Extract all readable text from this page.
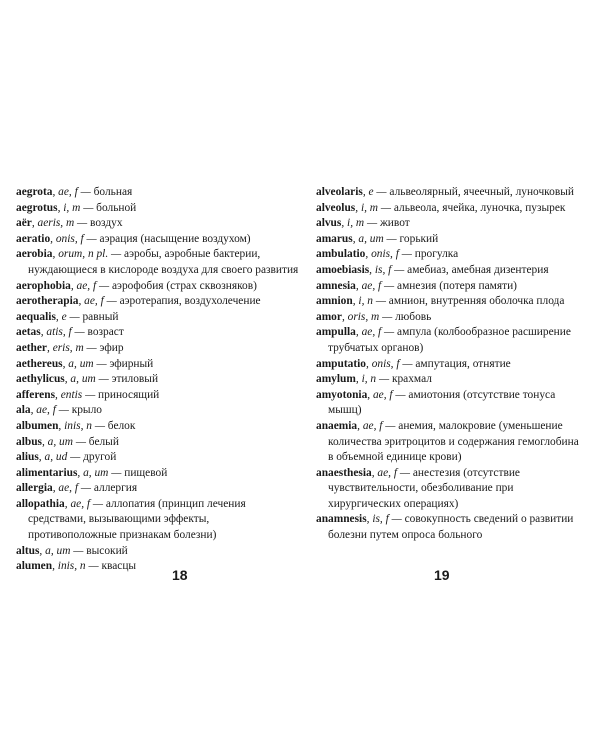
aegrota, ae, f — больная
aegrotus, i, m — больной
aër, aeris, m — воздух
aeratio, onis, f — аэрация (насыщение воздухом)
aerobia, orum, n pl. — аэробы, аэробные бактерии, нуждающиеся в кислороде воздуха для своего развития
aerophobia, ae, f — аэрофобия (страх сквозняков)
aerotherapia, ae, f — аэротерапия, воздухолечение
aequalis, e — равный
aetas, atis, f — возраст
aether, eris, m — эфир
aethereus, a, um — эфирный
aethylicus, a, um — этиловый
afferens, entis — приносящий
ala, ae, f — крыло
albumen, inis, n — белок
albus, a, um — белый
alius, a, ud — другой
alimentarius, a, um — пищевой
allergia, ae, f — аллергия
allopathia, ae, f — аллопатия (принцип лечения средствами, вызывающими эффекты, противоположные признакам болезни)
altus, a, um — высокий
alumen, inis, n — квасцы
alveolaris, e — альвеолярный, ячеечный, луночковый
alveolus, i, m — альвеола, ячейка, луночка, пузырек
alvus, i, m — живот
amarus, a, um — горький
ambulatio, onis, f — прогулка
amoebiasis, is, f — амебиаз, амебная дизентерия
amnesia, ae, f — амнезия (потеря памяти)
amnion, i, n — амнион, внутренняя оболочка плода
amor, oris, m — любовь
ampulla, ae, f — ампула (колбообразное расширение трубчатых органов)
amputatio, onis, f — ампутация, отнятие
amylum, i, n — крахмал
amyotonia, ae, f — амиотония (отсутствие тонуса мышц)
anaemia, ae, f — анемия, малокровие (уменьшение количества эритроцитов и содержания гемоглобина в объемной единице крови)
anaesthesia, ae, f — анестезия (отсутствие чувствительности, обезболивание при хирургических операциях)
anamnesis, is, f — совокупность сведений о развитии болезни путем опроса больного
18	19
